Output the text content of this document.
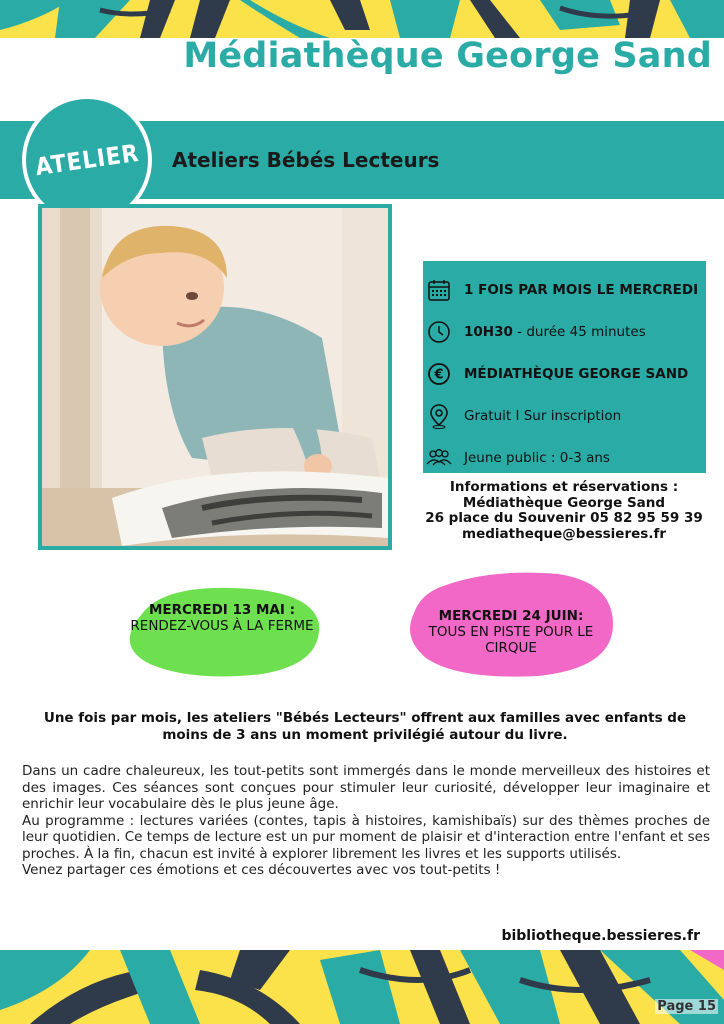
Médiathèque George Sand
ATELIER Ateliers Bébés Lecteurs
1 FOIS PAR MOIS LE MERCREDI
10H30 - durée 45 minutes
€ MÉDIATHÈQUE GEORGE SAND
Gratuit I Sur inscription
Jeune public : 0-3 ans
Informations et réservations :
Médiathèque George Sand
26 place du Souvenir 05 82 95 59 39
mediatheque@bessieres.fr
MERCREDI 13 MAI :
RENDEZ-VOUS À LA FERME
MERCREDI 24 JUIN:
TOUS EN PISTE POUR LE CIRQUE
Une fois par mois, les ateliers "Bébés Lecteurs" offrent aux familles avec enfants de moins de 3 ans un moment privilégié autour du livre.

Dans un cadre chaleureux, les tout-petits sont immergés dans le monde merveilleux des histoires et des images. Ces séances sont conçues pour stimuler leur curiosité, développer leur imaginaire et enrichir leur vocabulaire dès le plus jeune âge.

Au programme : lectures variées (contes, tapis à histoires, kamishibaïs) sur des thèmes proches de leur quotidien. Ce temps de lecture est un pur moment de plaisir et d'interaction entre l'enfant et ses proches. À la fin, chacun est invité à explorer librement les livres et les supports utilisés.

Venez partager ces émotions et ces découvertes avec vos tout-petits !

bibliotheque.bessieres.fr
Page 15
